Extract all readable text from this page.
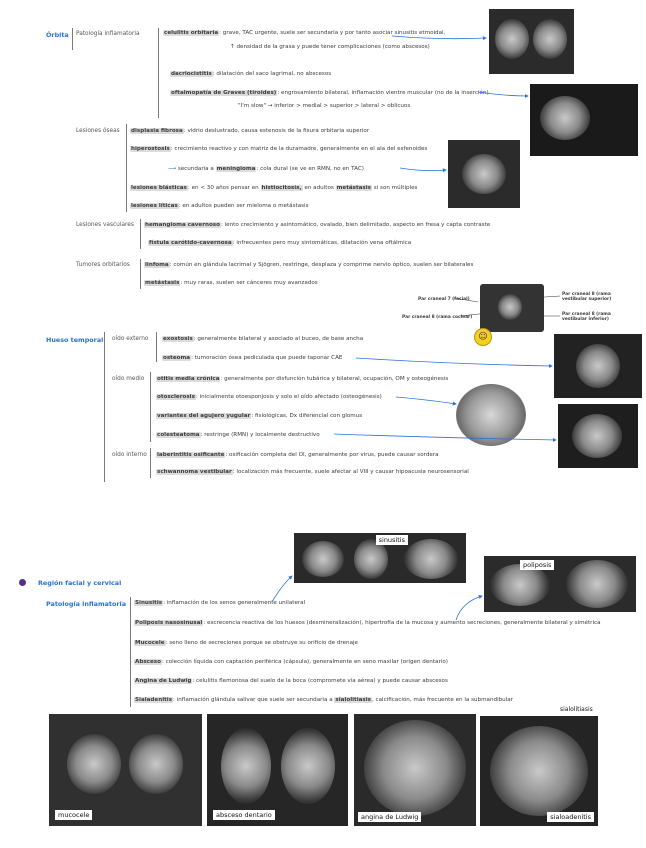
Órbita Patología inflamatoria	celulitis orbitaria: grave, TAC urgente, suele ser secundaria y por tanto asociar sinusitis etmoidal,
↑ densidad de la grasa y puede tener complicaciones (como abscesos)
dacriocistitis: dilatación del saco lagrimal, no abscesos
oftalmopatía de Graves (tiroides): engrosamiento bilateral, inflamación vientre muscular (no de la inserción)
"I'm slow" → inferior > medial > superior > lateral > oblicuos
Lesiones óseas displasia fibrosa: vidrio deslustrado, causa estenosis de la fisura orbitaria superior
hiperostosis: crecimiento reactivo y con matriz de la duramadre, generalmente en el ala del esfenoides
⟶ secundaria a meningioma: cola dural (se ve en RMN, no en TAC)
lesiones blásticas: en < 30 años pensar en histiocitosis, en adultos metástasis si son múltiples
lesiones líticas: en adultos pueden ser mieloma o metástasis
Lesiones vasculares hemangioma cavernoso: lento crecimiento y asintomático, ovalado, bien delimitado, aspecto en fresa y capta contraste
fístula carótido-cavernosa: infrecuentes pero muy sintomáticas, dilatación vena oftálmica
Tumores orbitarios	linfoma: común en glándula lacrimal y Sjögren, restringe, desplaza y comprime nervio óptico, suelen ser bilaterales
metástasis: muy raras, suelen ser cánceres muy avanzados
Par craneal 7 (facial)
Par craneal 8 (rama coclear)
Par craneal 8 (rama vestibular superior)
Par craneal 8 (rama vestibular inferior)
☺
Hueso temporal oído externo	exostosis: generalmente bilateral y asociado al buceo, de base ancha
osteoma: tumoración ósea pediculada que puede taponar CAE
oído medio otitis media crónica: generalmente por disfunción tubárica y bilateral, ocupación, OM y osteogénesis
otosclerosis: inicialmente otoesponjosis y solo el oído afectado (osteogénesis)
variantes del agujero yugular: fisiológicas, Dx diferencial con glomus
colesteatoma: restringe (RMN) y localmente destructivo
oído interno laberintitis osificante: osificación completa del OI, generalmente por virus, puede causar sordera
schwannoma vestibular: localización más frecuente, suele afectar al VIII y causar hipoacusia neurosensorial
Región facial y cervical
Patología inflamatoria Sinusitis: inflamación de los senos generalmente unilateral
Poliposis nasosinusal: excrecencia reactiva de los huesos (desmineralización), hipertrofia de la mucosa y aumento secreciones, generalmente bilateral y simétrica
Mucocele: seno lleno de secreciones porque se obstruye su orificio de drenaje
Absceso: colección líquida con captación periférica (cápsula), generalmente en seno maxilar (origen dentario)
Angina de Ludwig: celulitis flemonosa del suelo de la boca (compromete vía aérea) y puede causar abscesos
Sialadenitis: inflamación glándula salivar que suele ser secundaria a sialolitiasis, calcificación, más frecuente en la submandibular
sinusitis
poliposis
mucocele	absceso dentario	angina de Ludwig	sialoadenitis
sialolitiasis
